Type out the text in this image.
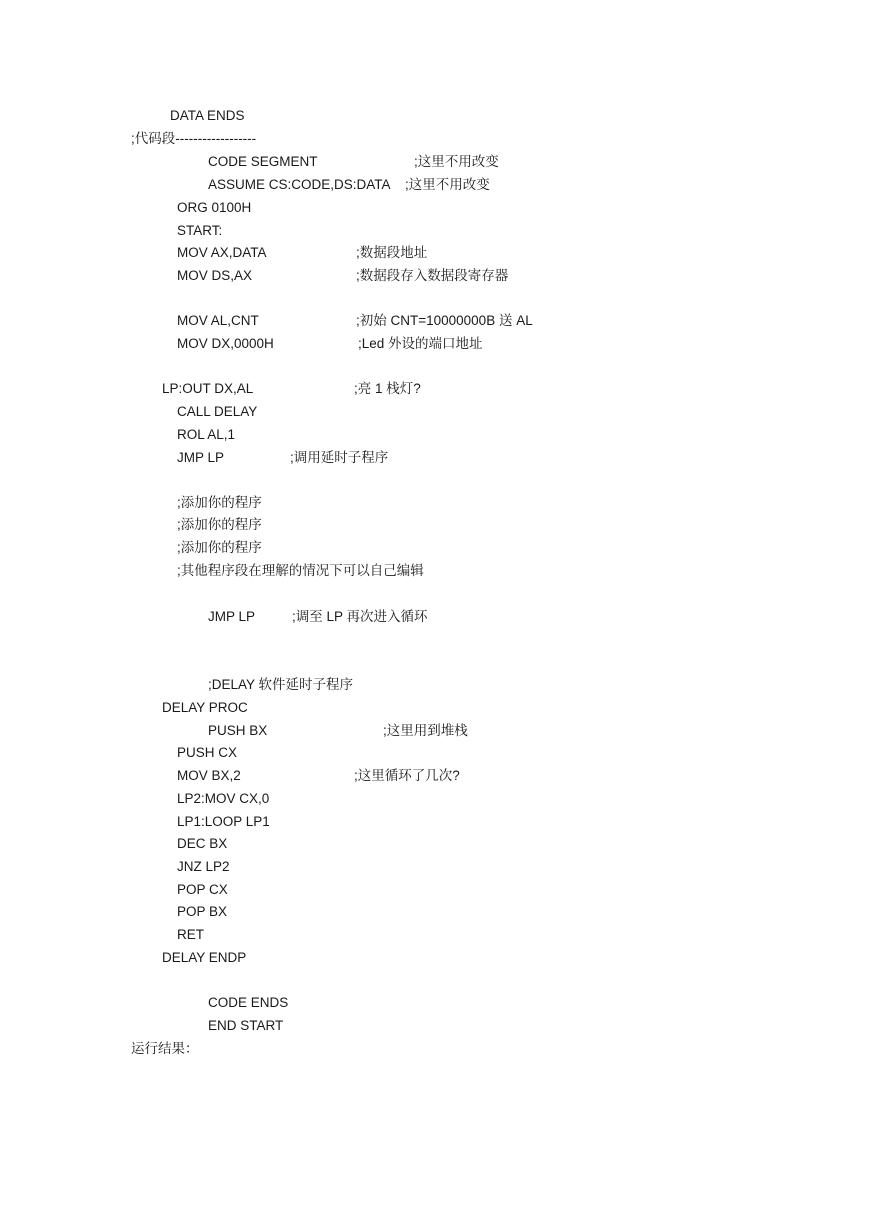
DATA ENDS
;代码段------------------
CODE SEGMENT	;这里不用改变
ASSUME CS:CODE,DS:DATA ;这里不用改变
ORG 0100H
START:
MOV AX,DATA	;数据段地址
MOV DS,AX	;数据段存入数据段寄存器
MOV AL,CNT	;初始 CNT=10000000B 送 AL
MOV DX,0000H	;Led 外设的端口地址
LP:OUT DX,AL	;亮 1 栈灯?
CALL DELAY
ROL AL,1
JMP LP	;调用延时子程序
;添加你的程序
;添加你的程序
;添加你的程序
;其他程序段在理解的情况下可以自己编辑
JMP LP	;调至 LP 再次进入循环
;DELAY 软件延时子程序
DELAY PROC
PUSH BX	;这里用到堆栈
PUSH CX
MOV BX,2	;这里循环了几次?
LP2:MOV CX,0
LP1:LOOP LP1
DEC BX
JNZ LP2
POP CX
POP BX
RET
DELAY ENDP
CODE ENDS
END START
运行结果：
